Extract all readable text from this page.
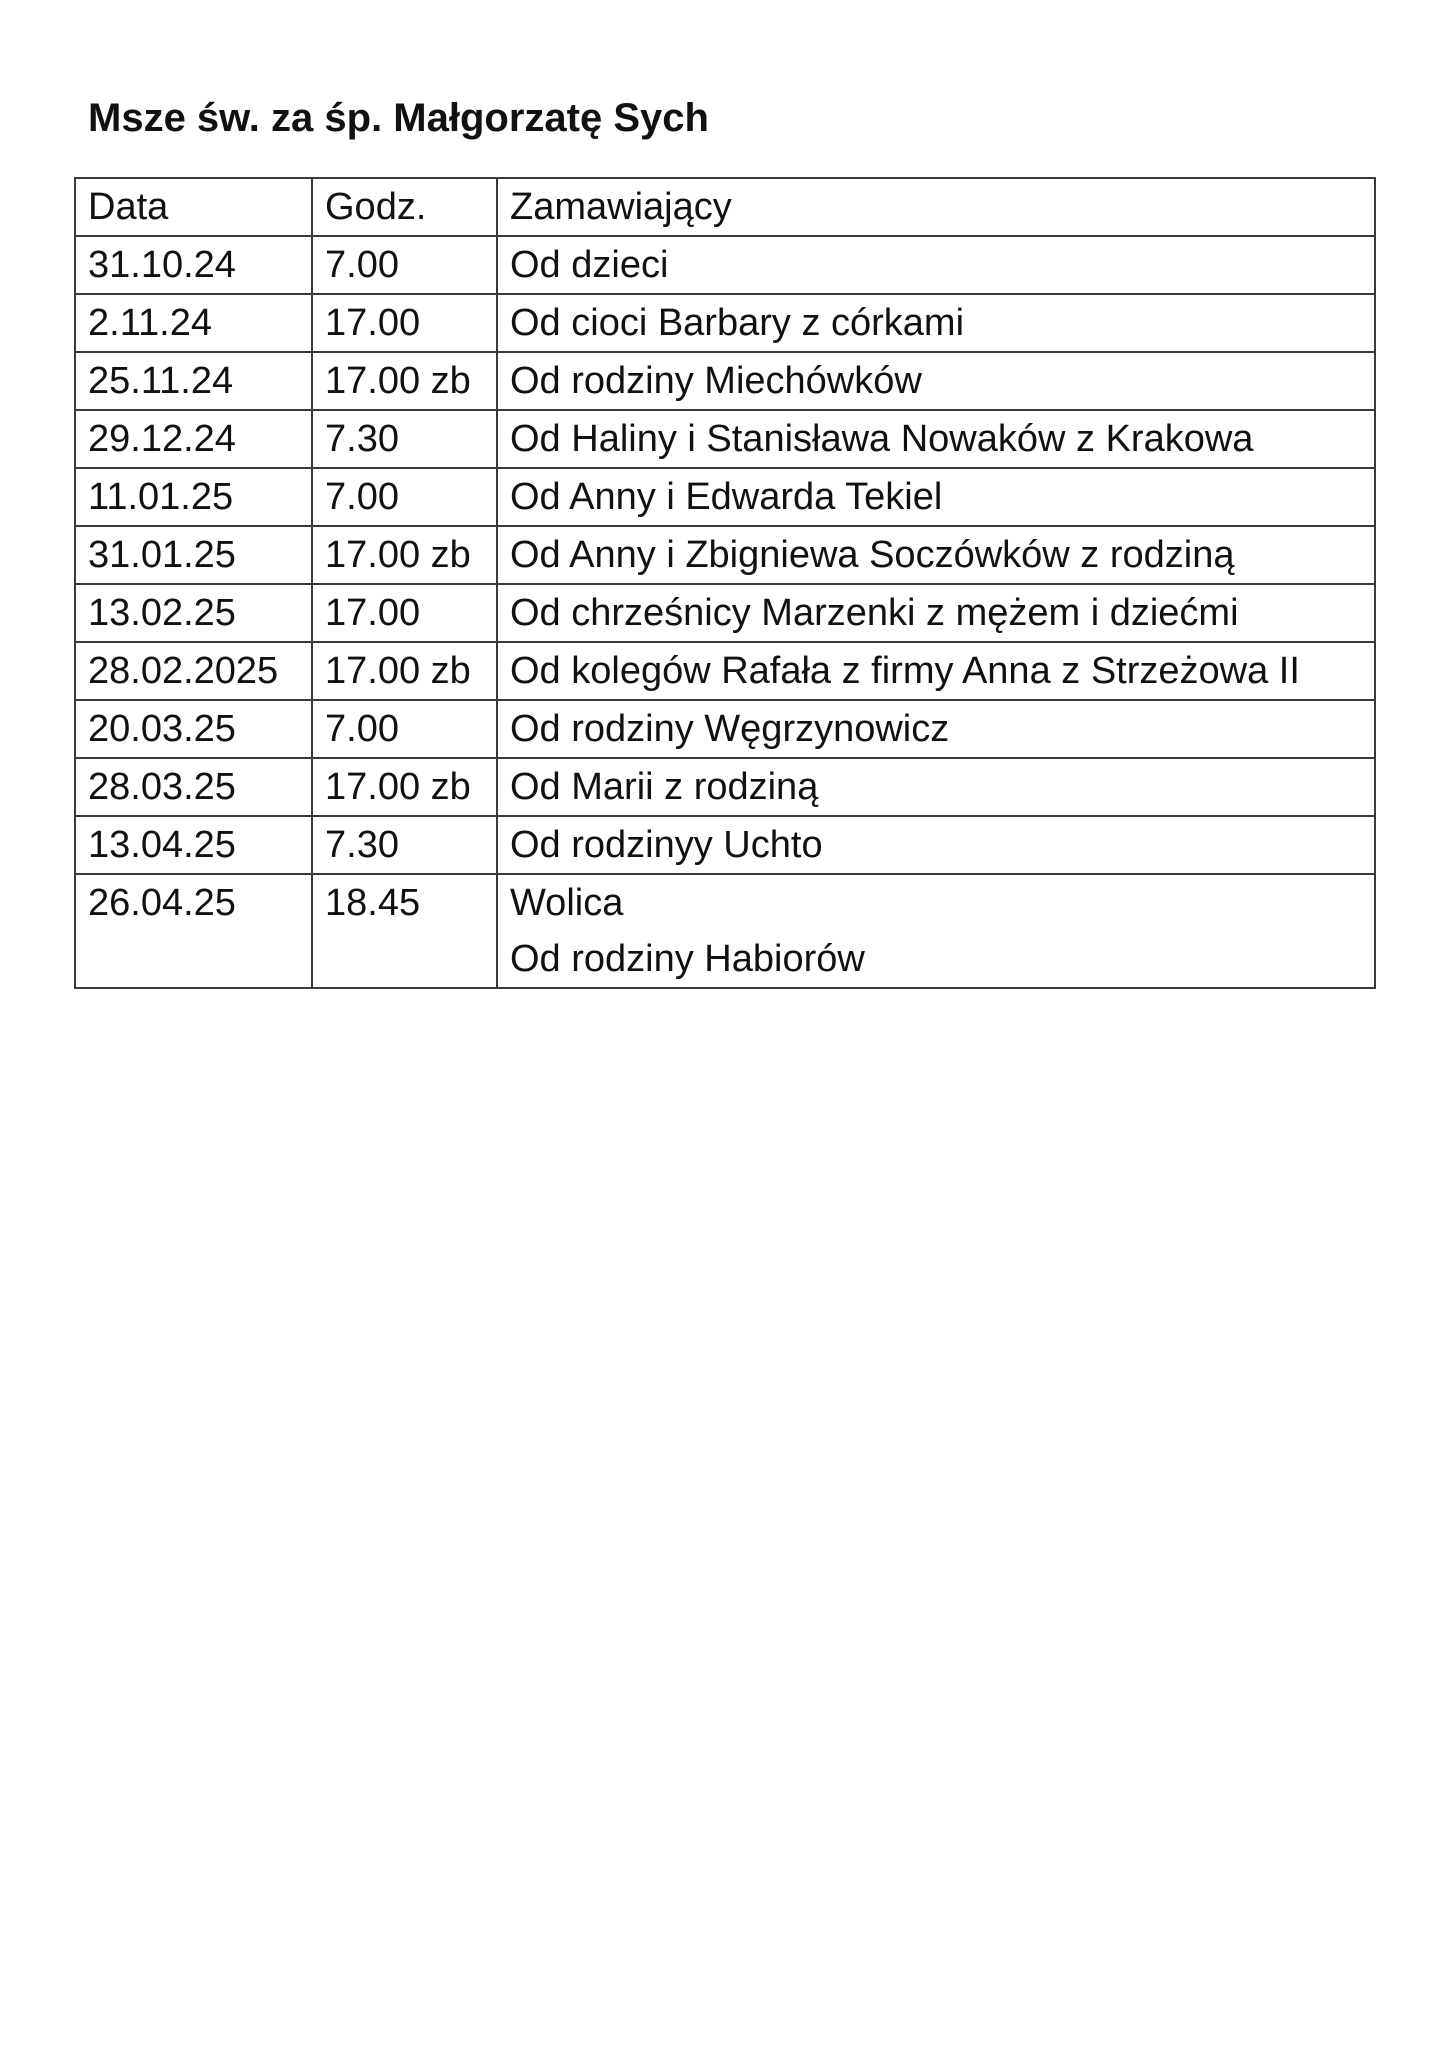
Msze św. za śp. Małgorzatę Sych
Data	Godz.	Zamawiający
31.10.24	7.00	Od dzieci
2.11.24	17.00	Od cioci Barbary z córkami
25.11.24	17.00 zb	Od rodziny Miechówków
29.12.24	7.30	Od Haliny i Stanisława Nowaków z Krakowa
11.01.25	7.00	Od Anny i Edwarda Tekiel
31.01.25	17.00 zb	Od Anny i Zbigniewa Soczówków z rodziną
13.02.25	17.00	Od chrześnicy Marzenki z mężem i dziećmi
28.02.2025	17.00 zb	Od kolegów Rafała z firmy Anna z Strzeżowa II
20.03.25	7.00	Od rodziny Węgrzynowicz
28.03.25	17.00 zb	Od Marii z rodziną
13.04.25	7.30	Od rodzinyy Uchto
26.04.25	18.45	Wolica
Od rodziny Habiorów
